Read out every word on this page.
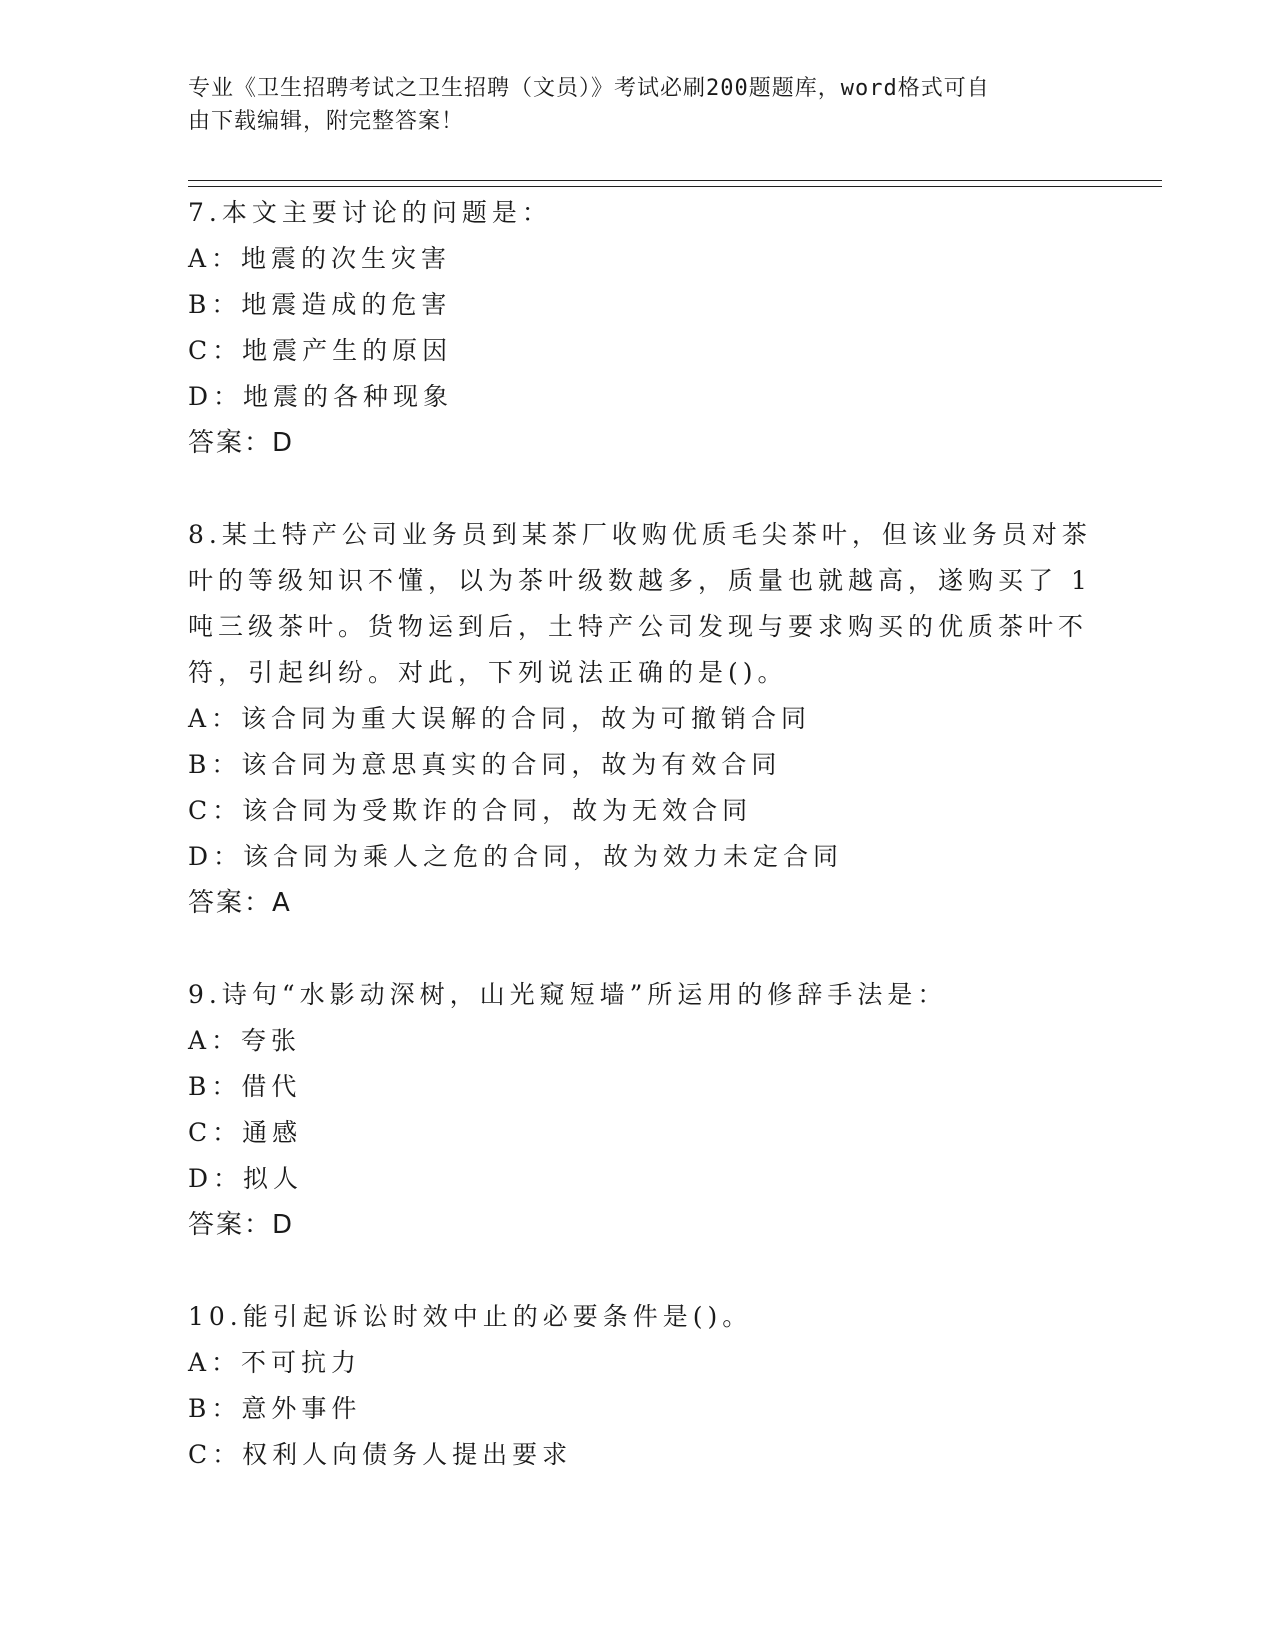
专业《卫生招聘考试之卫生招聘（文员）》考试必刷200题题库，word格式可自
由下载编辑，附完整答案！
7.本文主要讨论的问题是：
A：地震的次生灾害
B：地震造成的危害
C：地震产生的原因
D：地震的各种现象
答案：D
8.某土特产公司业务员到某茶厂收购优质毛尖茶叶，但该业务员对茶
叶的等级知识不懂，以为茶叶级数越多，质量也就越高，遂购买了 1
吨三级茶叶。货物运到后，土特产公司发现与要求购买的优质茶叶不
符，引起纠纷。对此，下列说法正确的是()。
A：该合同为重大误解的合同，故为可撤销合同
B：该合同为意思真实的合同，故为有效合同
C：该合同为受欺诈的合同，故为无效合同
D：该合同为乘人之危的合同，故为效力未定合同
答案：A
9.诗句“水影动深树，山光窥短墙”所运用的修辞手法是：
A：夸张
B：借代
C：通感
D：拟人
答案：D
10.能引起诉讼时效中止的必要条件是()。
A：不可抗力
B：意外事件
C：权利人向债务人提出要求
